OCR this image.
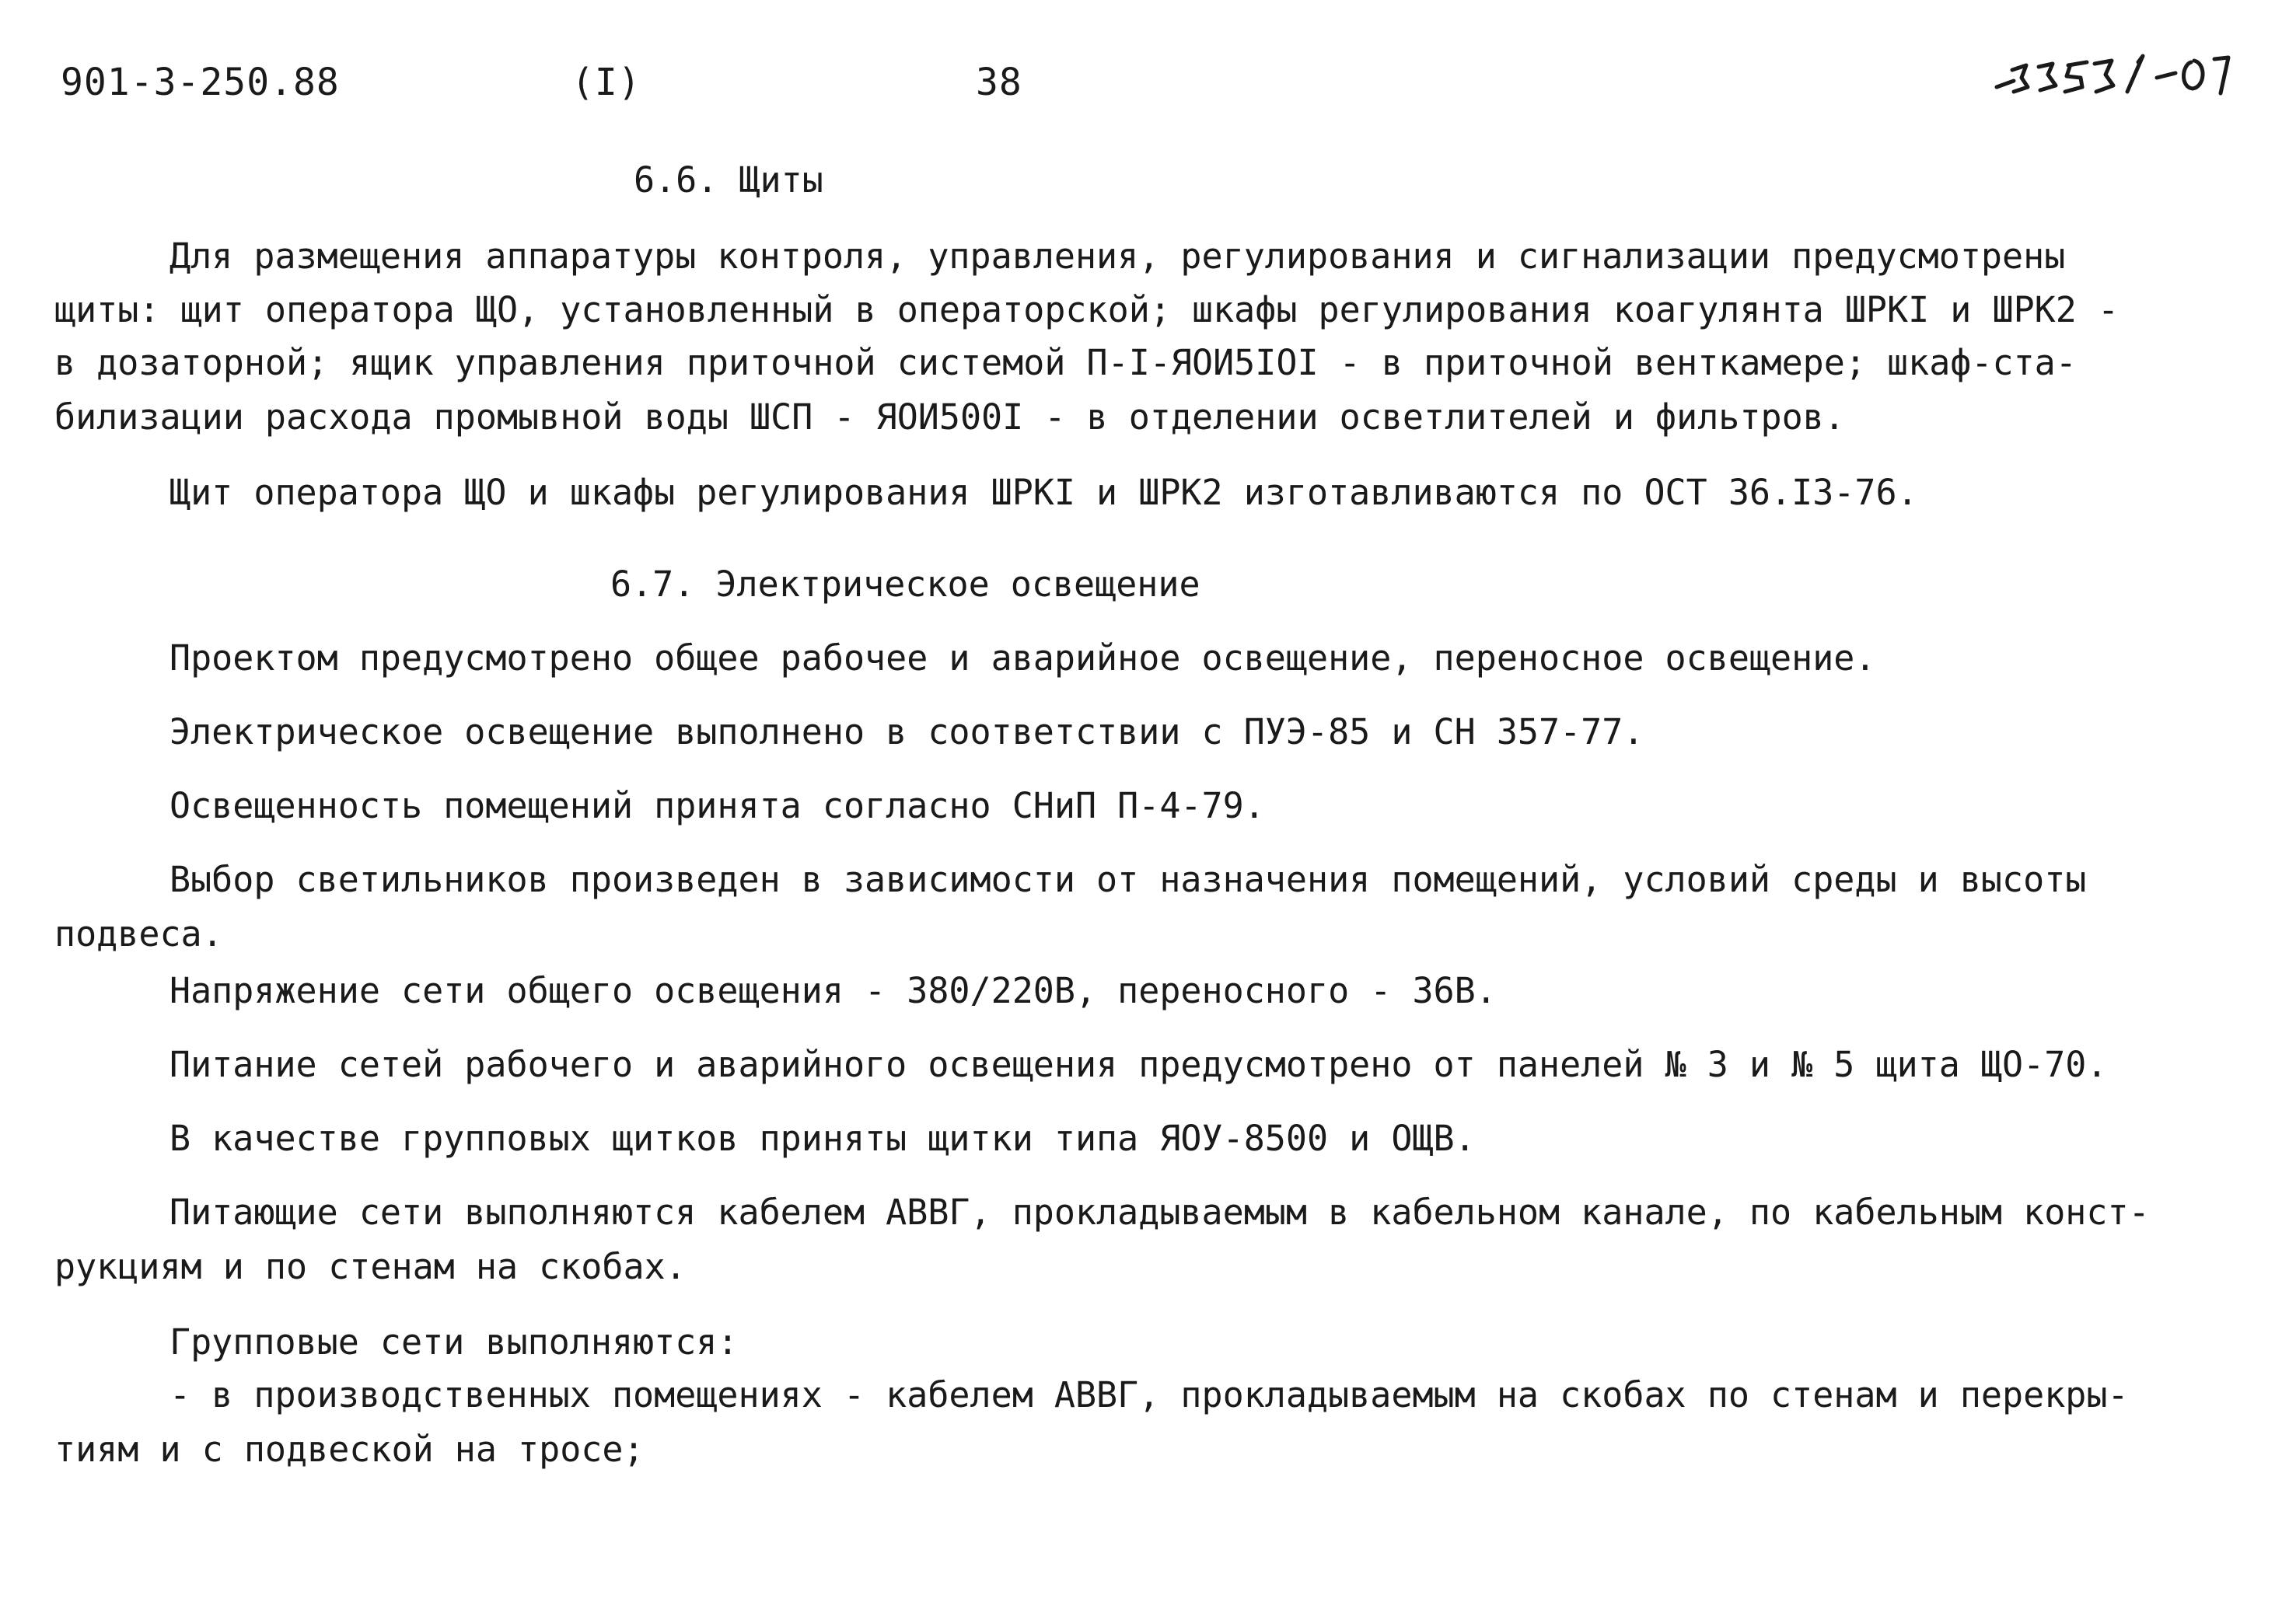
901-3-250.88	(I)	38
6.6. Щиты
Для размещения аппаратуры контроля, управления, регулирования и сигнализации предусмотрены
щиты: щит оператора ЩО, установленный в операторской; шкафы регулирования коагулянта ШРКI и ШРК2 -
в дозаторной; ящик управления приточной системой П-I-ЯОИ5IOI - в приточной венткамере; шкаф-ста-
билизации расхода промывной воды ШСП - ЯОИ500I - в отделении осветлителей и фильтров.
Щит оператора ЩО и шкафы регулирования ШРКI и ШРК2 изготавливаются по ОСТ 36.I3-76.
6.7. Электрическое освещение
Проектом предусмотрено общее рабочее и аварийное освещение, переносное освещение.
Электрическое освещение выполнено в соответствии с ПУЭ-85 и СН 357-77.
Освещенность помещений принята согласно СНиП П-4-79.
Выбор светильников произведен в зависимости от назначения помещений, условий среды и высоты
подвеса.
Напряжение сети общего освещения - 380/220В, переносного - 36В.
Питание сетей рабочего и аварийного освещения предусмотрено от панелей № 3 и № 5 щита ЩО-70.
В качестве групповых щитков приняты щитки типа ЯОУ-8500 и ОЩВ.
Питающие сети выполняются кабелем АВВГ, прокладываемым в кабельном канале, по кабельным конст-
рукциям и по стенам на скобах.
Групповые сети выполняются:
- в производственных помещениях - кабелем АВВГ, прокладываемым на скобах по стенам и перекры-
тиям и с подвеской на тросе;
